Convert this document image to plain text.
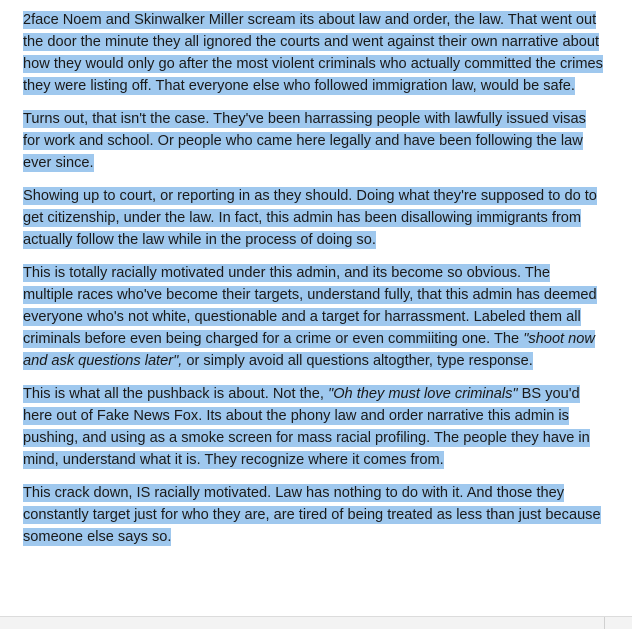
2face Noem and Skinwalker Miller scream its about law and order, the law. That went out the door the minute they all ignored the courts and went against their own narrative about how they would only go after the most violent criminals who actually committed the crimes they were listing off. That everyone else who followed immigration law, would be safe.

Turns out, that isn't the case. They've been harrassing people with lawfully issued visas for work and school. Or people who came here legally and have been following the law ever since.

Showing up to court, or reporting in as they should. Doing what they're supposed to do to get citizenship, under the law. In fact, this admin has been disallowing immigrants from actually follow the law while in the process of doing so.

This is totally racially motivated under this admin, and its become so obvious. The multiple races who've become their targets, understand fully, that this admin has deemed everyone who's not white, questionable and a target for harrassment. Labeled them all criminals before even being charged for a crime or even commiiting one. The "shoot now and ask questions later", or simply avoid all questions altogther, type response.

This is what all the pushback is about. Not the, "Oh they must love criminals" BS you'd here out of Fake News Fox. Its about the phony law and order narrative this admin is pushing, and using as a smoke screen for mass racial profiling. The people they have in mind, understand what it is. They recognize where it comes from.

This crack down, IS racially motivated. Law has nothing to do with it. And those they constantly target just for who they are, are tired of being treated as less than just because someone else says so.
